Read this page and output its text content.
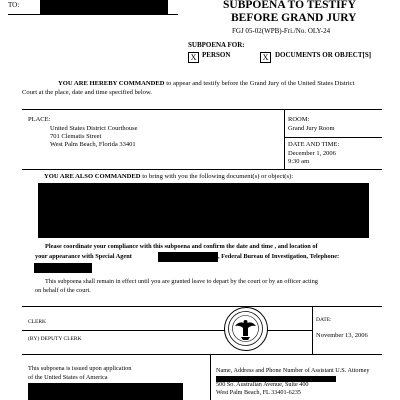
TO:	SUBPOENA TO TESTIFY
BEFORE GRAND JURY
FGJ 05-02(WPB)-Fri./No. OLY-24
SUBPOENA FOR:
X PERSON	X DOCUMENTS OR OBJECT[S]
YOU ARE HEREBY COMMANDED to appear and testify before the Grand Jury of the United States District
Court at the place, date and time specified below.
PLACE:
United States District Courthouse
701 Clematis Street
West Palm Beach, Florida 33401
ROOM:
Grand Jury Room
DATE AND TIME:
December 1, 2006
9:30 am
YOU ARE ALSO COMMANDED to bring with you the following document(s) or object(s):
Please coordinate your compliance with this subpoena and confirm the date and time , and location of
your appearance with Special Agent	, Federal Bureau of Investigation, Telephone:
This subpoena shall remain in effect until you are granted leave to depart by the court or by an officer acting
on behalf of the court.
CLERK
(BY) DEPUTY CLERK
DATE:
November 13, 2006
This subpoena is issued upon application
of the United States of America
Name, Address and Phone Number of Assistant U.S. Attorney
500 So. Australian Avenue, Suite 400
West Palm Beach, FL 33401-6235
